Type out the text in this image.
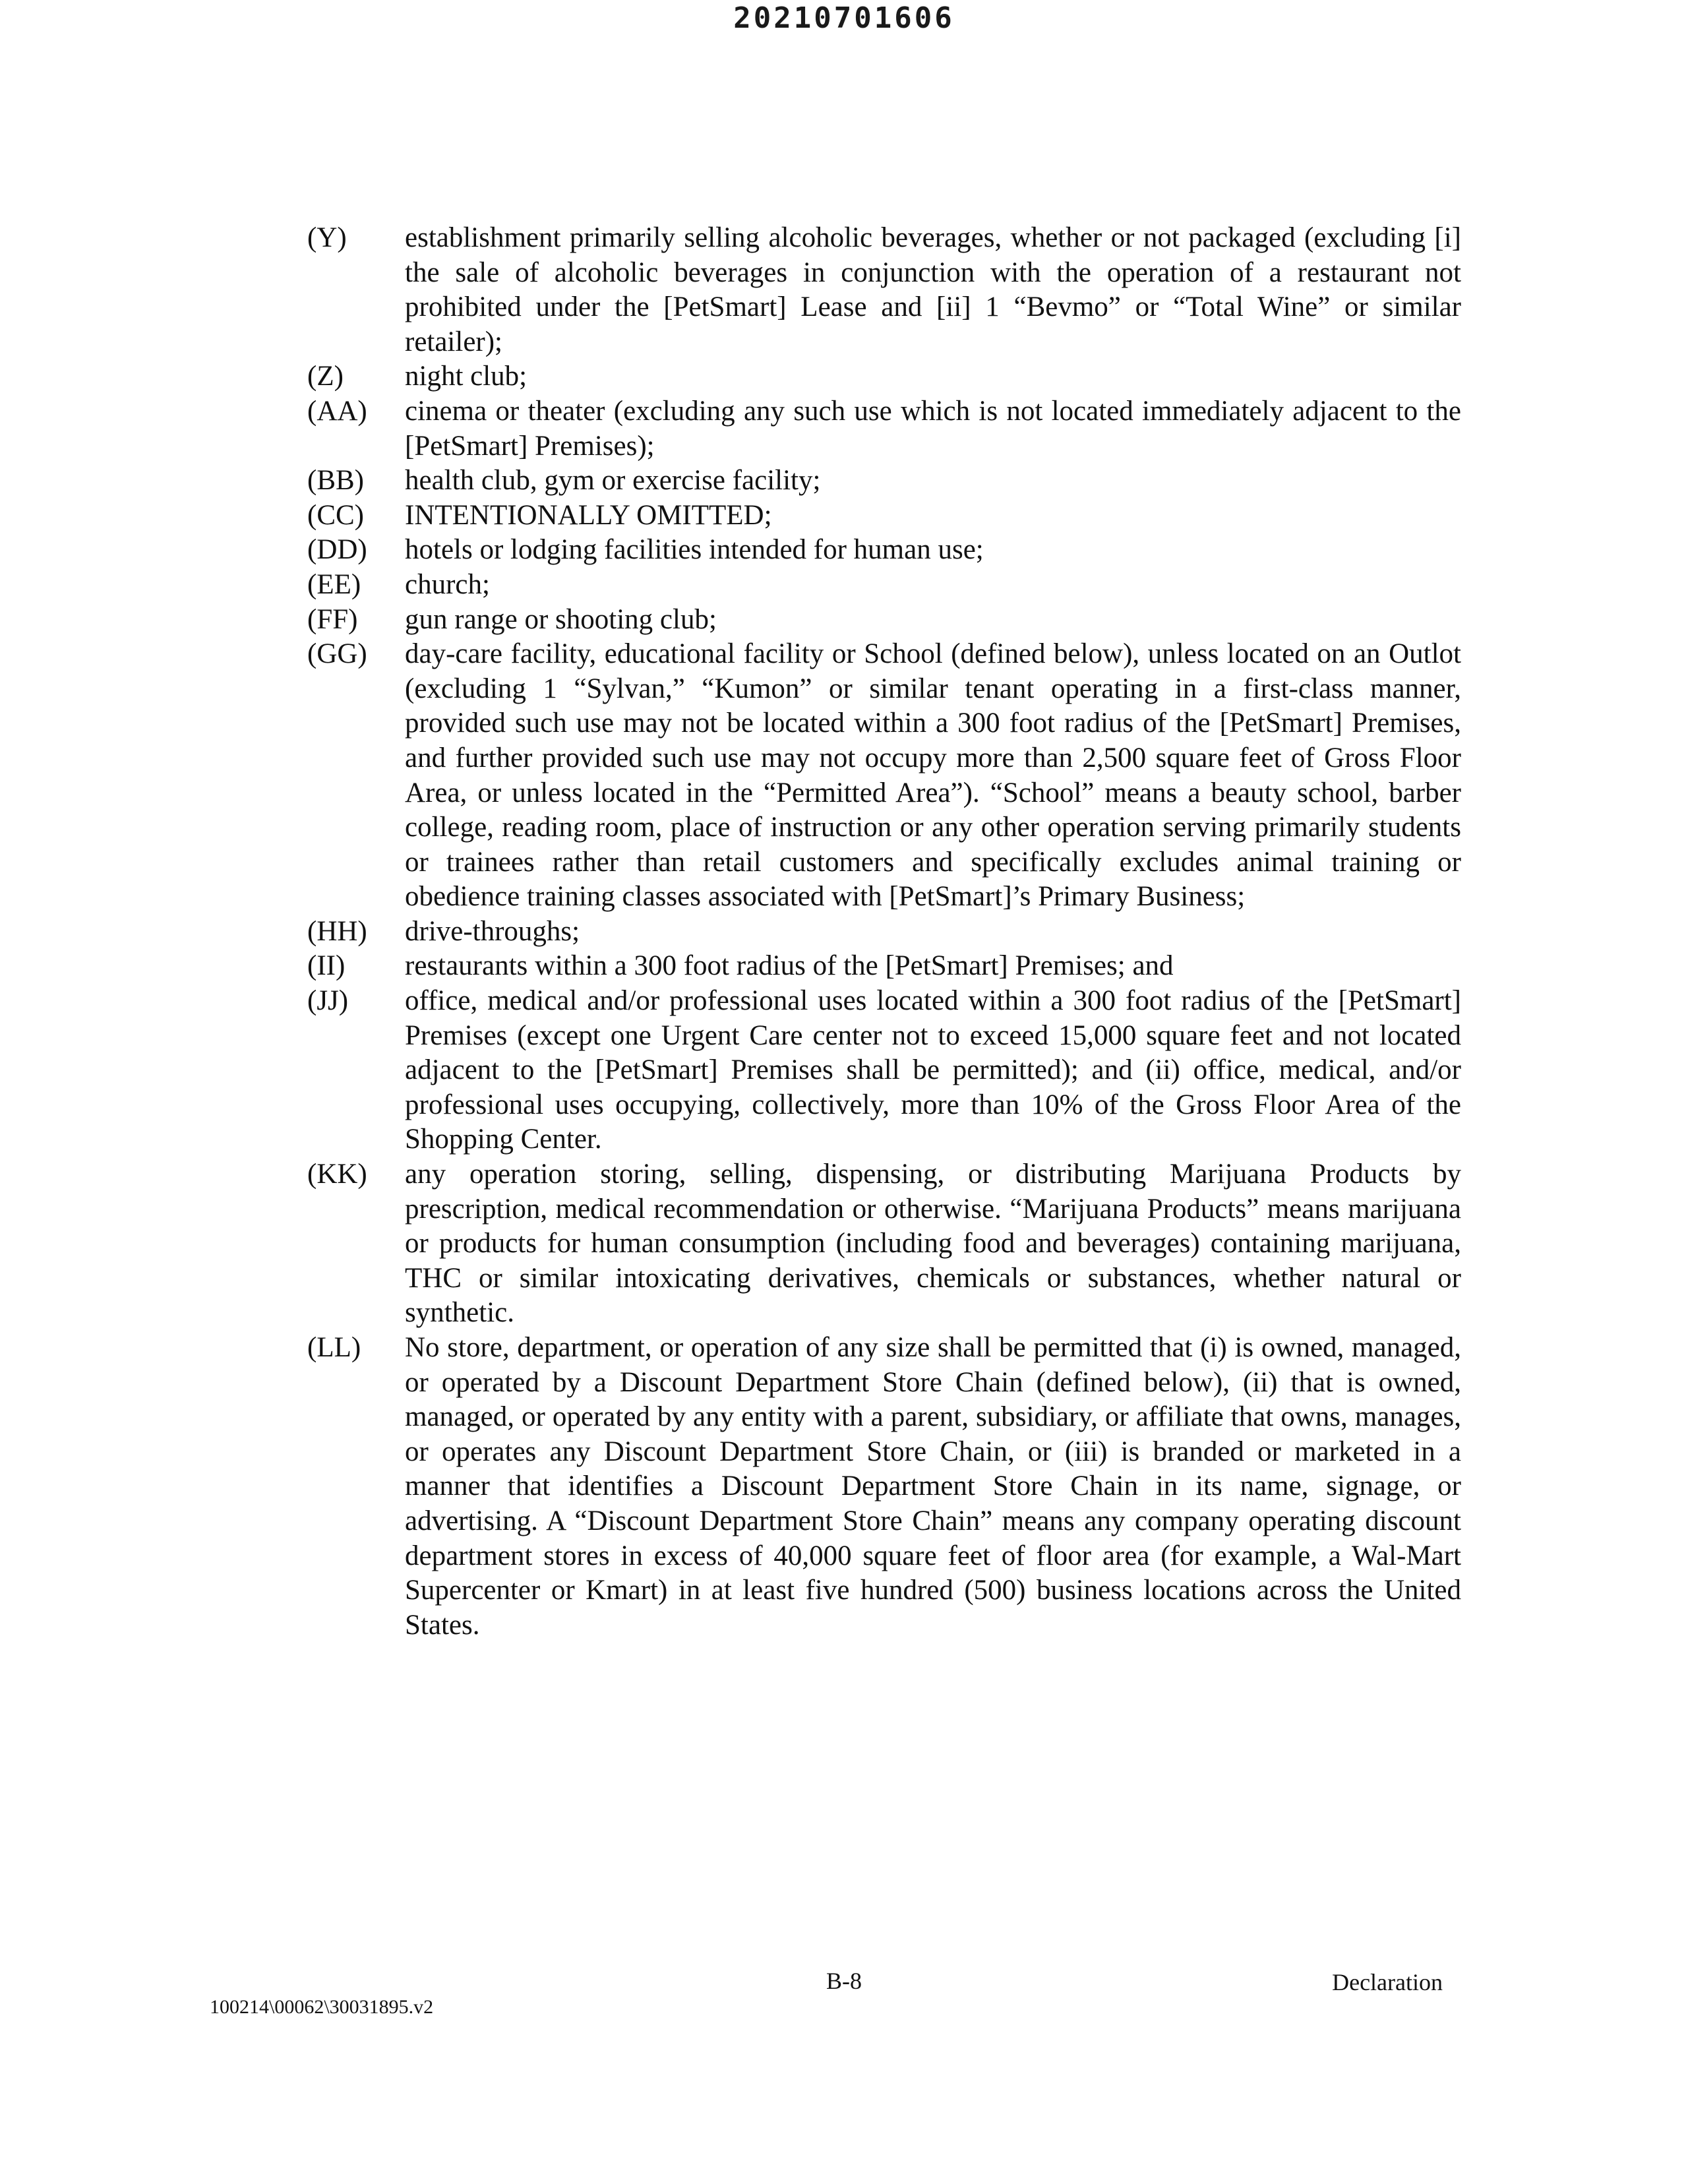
20210701606
(Y)	establishment primarily selling alcoholic beverages, whether or not packaged (excluding [i] the sale of alcoholic beverages in conjunction with the operation of a restaurant not prohibited under the [PetSmart] Lease and [ii] 1 “Bevmo” or “Total Wine” or similar retailer);
(Z)	night club;
(AA)	cinema or theater (excluding any such use which is not located immediately adjacent to the [PetSmart] Premises);
(BB)	health club, gym or exercise facility;
(CC)	INTENTIONALLY OMITTED;
(DD)	hotels or lodging facilities intended for human use;
(EE)	church;
(FF)	gun range or shooting club;
(GG)	day-care facility, educational facility or School (defined below), unless located on an Outlot (excluding 1 “Sylvan,” “Kumon” or similar tenant operating in a first-class manner, provided such use may not be located within a 300 foot radius of the [PetSmart] Premises, and further provided such use may not occupy more than 2,500 square feet of Gross Floor Area, or unless located in the “Permitted Area”). “School” means a beauty school, barber college, reading room, place of instruction or any other operation serving primarily students or trainees rather than retail customers and specifically excludes animal training or obedience training classes associated with [PetSmart]’s Primary Business;
(HH)	drive-throughs;
(II)	restaurants within a 300 foot radius of the [PetSmart] Premises; and
(JJ)	office, medical and/or professional uses located within a 300 foot radius of the [PetSmart] Premises (except one Urgent Care center not to exceed 15,000 square feet and not located adjacent to the [PetSmart] Premises shall be permitted); and (ii) office, medical, and/or professional uses occupying, collectively, more than 10% of the Gross Floor Area of the Shopping Center.
(KK)	any operation storing, selling, dispensing, or distributing Marijuana Products by prescription, medical recommendation or otherwise. “Marijuana Products” means marijuana or products for human consumption (including food and beverages) containing marijuana, THC or similar intoxicating derivatives, chemicals or substances, whether natural or synthetic.
(LL)	No store, department, or operation of any size shall be permitted that (i) is owned, managed, or operated by a Discount Department Store Chain (defined below), (ii) that is owned, managed, or operated by any entity with a parent, subsidiary, or affiliate that owns, manages, or operates any Discount Department Store Chain, or (iii) is branded or marketed in a manner that identifies a Discount Department Store Chain in its name, signage, or advertising. A “Discount Department Store Chain” means any company operating discount department stores in excess of 40,000 square feet of floor area (for example, a Wal-Mart Supercenter or Kmart) in at least five hundred (500) business locations across the United States.
B-8	Declaration
100214\00062\30031895.v2
